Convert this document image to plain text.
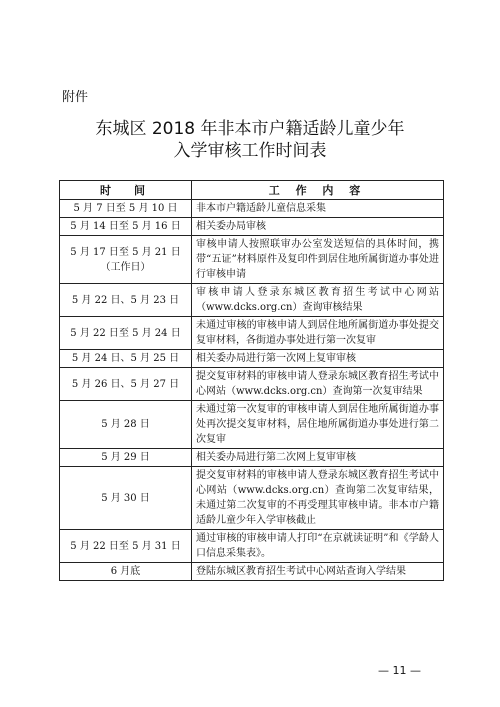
附件
东城区 2018 年非本市户籍适龄儿童少年
入学审核工作时间表
时　间	工 作 内 容
5 月 7 日至 5 月 10 日	非本市户籍适龄儿童信息采集
5 月 14 日至 5 月 16 日	相关委办局审核
5 月 17 日至 5 月 21 日（工作日）	审核申请人按照联审办公室发送短信的具体时间，携带“五证”材料原件及复印件到居住地所属街道办事处进行审核申请
5 月 22 日、5 月 23 日	审核申请人登录东城区教育招生考试中心网站（www.dcks.org.cn）查询审核结果
5 月 22 日至 5 月 24 日	未通过审核的审核申请人到居住地所属街道办事处提交复审材料，各街道办事处进行第一次复审
5 月 24 日、5 月 25 日	相关委办局进行第一次网上复审审核
5 月 26 日、5 月 27 日	提交复审材料的审核申请人登录东城区教育招生考试中心网站（www.dcks.org.cn）查询第一次复审结果
5 月 28 日	未通过第一次复审的审核申请人到居住地所属街道办事处再次提交复审材料，居住地所属街道办事处进行第二次复审
5 月 29 日	相关委办局进行第二次网上复审审核
5 月 30 日	提交复审材料的审核申请人登录东城区教育招生考试中心网站（www.dcks.org.cn）查询第二次复审结果，未通过第二次复审的不再受理其审核申请。非本市户籍适龄儿童少年入学审核截止
5 月 22 日至 5 月 31 日	通过审核的审核申请人打印“在京就读证明”和《学龄人口信息采集表》。
6 月底	登陆东城区教育招生考试中心网站查询入学结果
— 11 —
